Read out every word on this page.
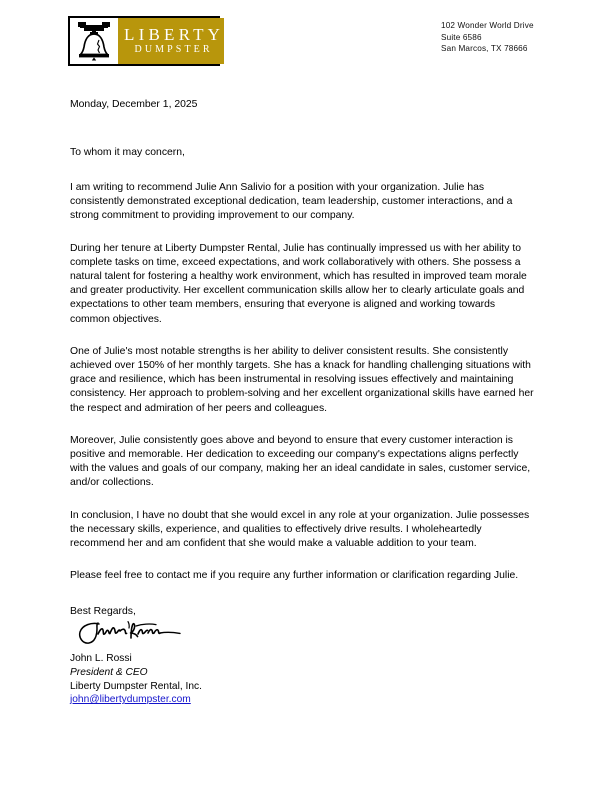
LIBERTY
DUMPSTER
102 Wonder World Drive
Suite 6586
San Marcos, TX 78666
Monday, December 1, 2025
To whom it may concern,

I am writing to recommend Julie Ann Salivio for a position with your organization. Julie has consistently demonstrated exceptional dedication, team leadership, customer interactions, and a strong commitment to providing improvement to our company.

During her tenure at Liberty Dumpster Rental, Julie has continually impressed us with her ability to complete tasks on time, exceed expectations, and work collaboratively with others. She possess a natural talent for fostering a healthy work environment, which has resulted in improved team morale and greater productivity. Her excellent communication skills allow her to clearly articulate goals and expectations to other team members, ensuring that everyone is aligned and working towards common objectives.

One of Julie's most notable strengths is her ability to deliver consistent results. She consistently achieved over 150% of her monthly targets. She has a knack for handling challenging situations with grace and resilience, which has been instrumental in resolving issues effectively and maintaining consistency. Her approach to problem-solving and her excellent organizational skills have earned her the respect and admiration of her peers and colleagues.

Moreover, Julie consistently goes above and beyond to ensure that every customer interaction is positive and memorable. Her dedication to exceeding our company's expectations aligns perfectly with the values and goals of our company, making her an ideal candidate in sales, customer service, and/or collections.

In conclusion, I have no doubt that she would excel in any role at your organization. Julie possesses the necessary skills, experience, and qualities to effectively drive results. I wholeheartedly recommend her and am confident that she would make a valuable addition to your team.

Please feel free to contact me if you require any further information or clarification regarding Julie.

Best Regards,
John L. Rossi
President & CEO
Liberty Dumpster Rental, Inc.
john@libertydumpster.com
